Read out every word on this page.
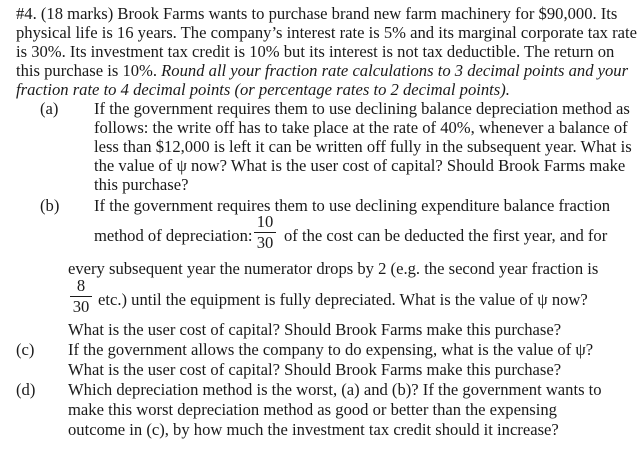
#4. (18 marks) Brook Farms wants to purchase brand new farm machinery for $90,000. Its
physical life is 16 years. The company’s interest rate is 5% and its marginal corporate tax rate
is 30%. Its investment tax credit is 10% but its interest is not tax deductible. The return on
this purchase is 10%. Round all your fraction rate calculations to 3 decimal points and your
fraction rate to 4 decimal points (or percentage rates to 2 decimal points).
(a) If the government requires them to use declining balance depreciation method as
follows: the write off has to take place at the rate of 40%, whenever a balance of
less than $12,000 is left it can be written off fully in the subsequent year. What is
the value of ψ now? What is the user cost of capital? Should Brook Farms make
this purchase?
(b) If the government requires them to use declining expenditure balance fraction
method of depreciation:
10
30 of the cost can be deducted the first year, and for
every subsequent year the numerator drops by 2 (e.g. the second year fraction is
8
30 etc.) until the equipment is fully depreciated. What is the value of ψ now?
What is the user cost of capital? Should Brook Farms make this purchase?
(c) If the government allows the company to do expensing, what is the value of ψ?
What is the user cost of capital? Should Brook Farms make this purchase?
(d) Which depreciation method is the worst, (a) and (b)? If the government wants to
make this worst depreciation method as good or better than the expensing
outcome in (c), by how much the investment tax credit should it increase?
